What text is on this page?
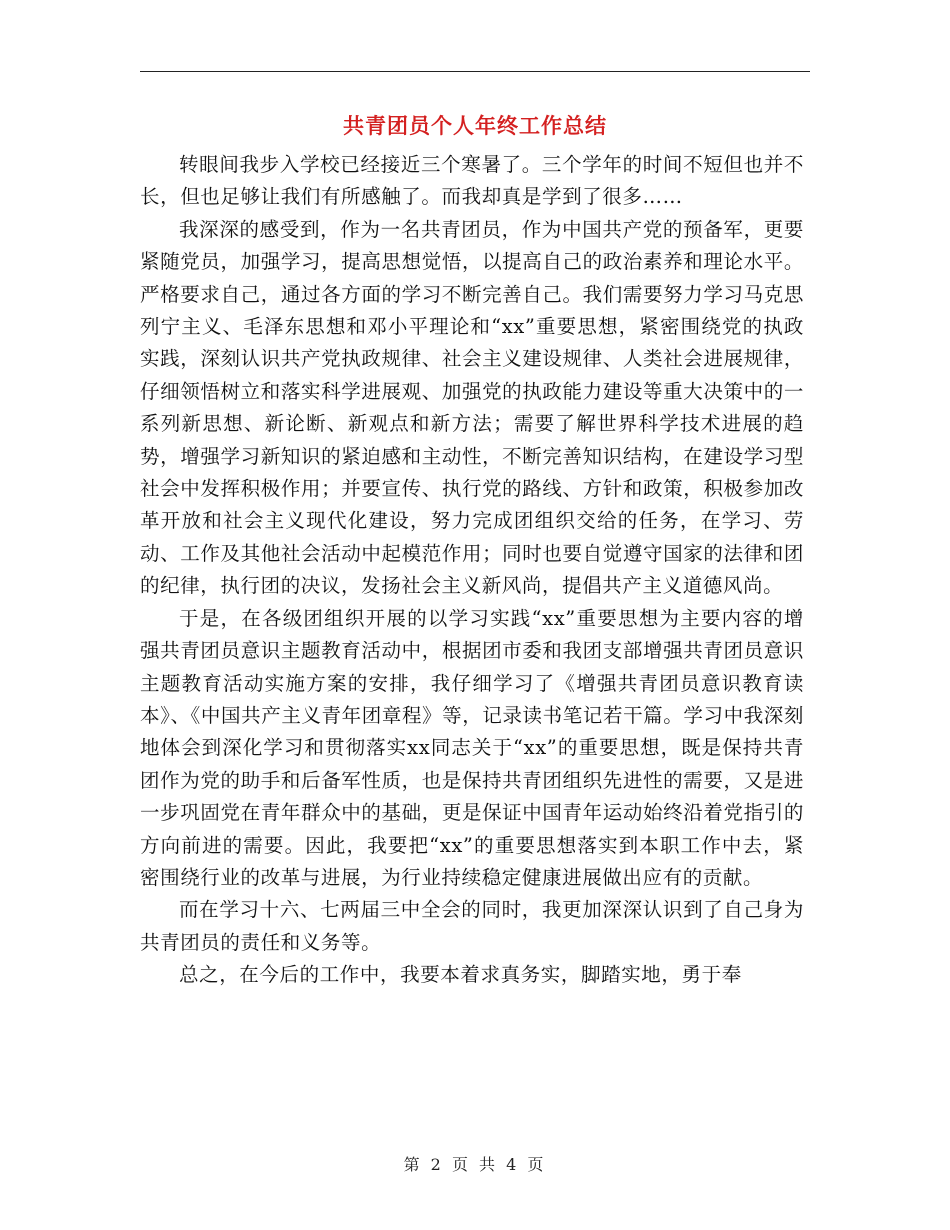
共青团员个人年终工作总结

转眼间我步入学校已经接近三个寒暑了。三个学年的时间不短但也并不长，但也足够让我们有所感触了。而我却真是学到了很多……

我深深的感受到，作为一名共青团员，作为中国共产党的预备军，更要紧随党员，加强学习，提高思想觉悟，以提高自己的政治素养和理论水平。严格要求自己，通过各方面的学习不断完善自己。我们需要努力学习马克思列宁主义、毛泽东思想和邓小平理论和“xx”重要思想，紧密围绕党的执政实践，深刻认识共产党执政规律、社会主义建设规律、人类社会进展规律，仔细领悟树立和落实科学进展观、加强党的执政能力建设等重大决策中的一系列新思想、新论断、新观点和新方法；需要了解世界科学技术进展的趋势，增强学习新知识的紧迫感和主动性，不断完善知识结构，在建设学习型社会中发挥积极作用；并要宣传、执行党的路线、方针和政策，积极参加改革开放和社会主义现代化建设，努力完成团组织交给的任务，在学习、劳动、工作及其他社会活动中起模范作用；同时也要自觉遵守国家的法律和团的纪律，执行团的决议，发扬社会主义新风尚，提倡共产主义道德风尚。

于是，在各级团组织开展的以学习实践“xx”重要思想为主要内容的增强共青团员意识主题教育活动中，根据团市委和我团支部增强共青团员意识主题教育活动实施方案的安排，我仔细学习了《增强共青团员意识教育读本》、《中国共产主义青年团章程》等，记录读书笔记若干篇。学习中我深刻地体会到深化学习和贯彻落实xx同志关于“xx”的重要思想，既是保持共青团作为党的助手和后备军性质，也是保持共青团组织先进性的需要，又是进一步巩固党在青年群众中的基础，更是保证中国青年运动始终沿着党指引的方向前进的需要。因此，我要把“xx”的重要思想落实到本职工作中去，紧密围绕行业的改革与进展，为行业持续稳定健康进展做出应有的贡献。

而在学习十六、七两届三中全会的同时，我更加深深认识到了自己身为共青团员的责任和义务等。

总之，在今后的工作中，我要本着求真务实，脚踏实地，勇于奉

第 2 页 共 4 页
